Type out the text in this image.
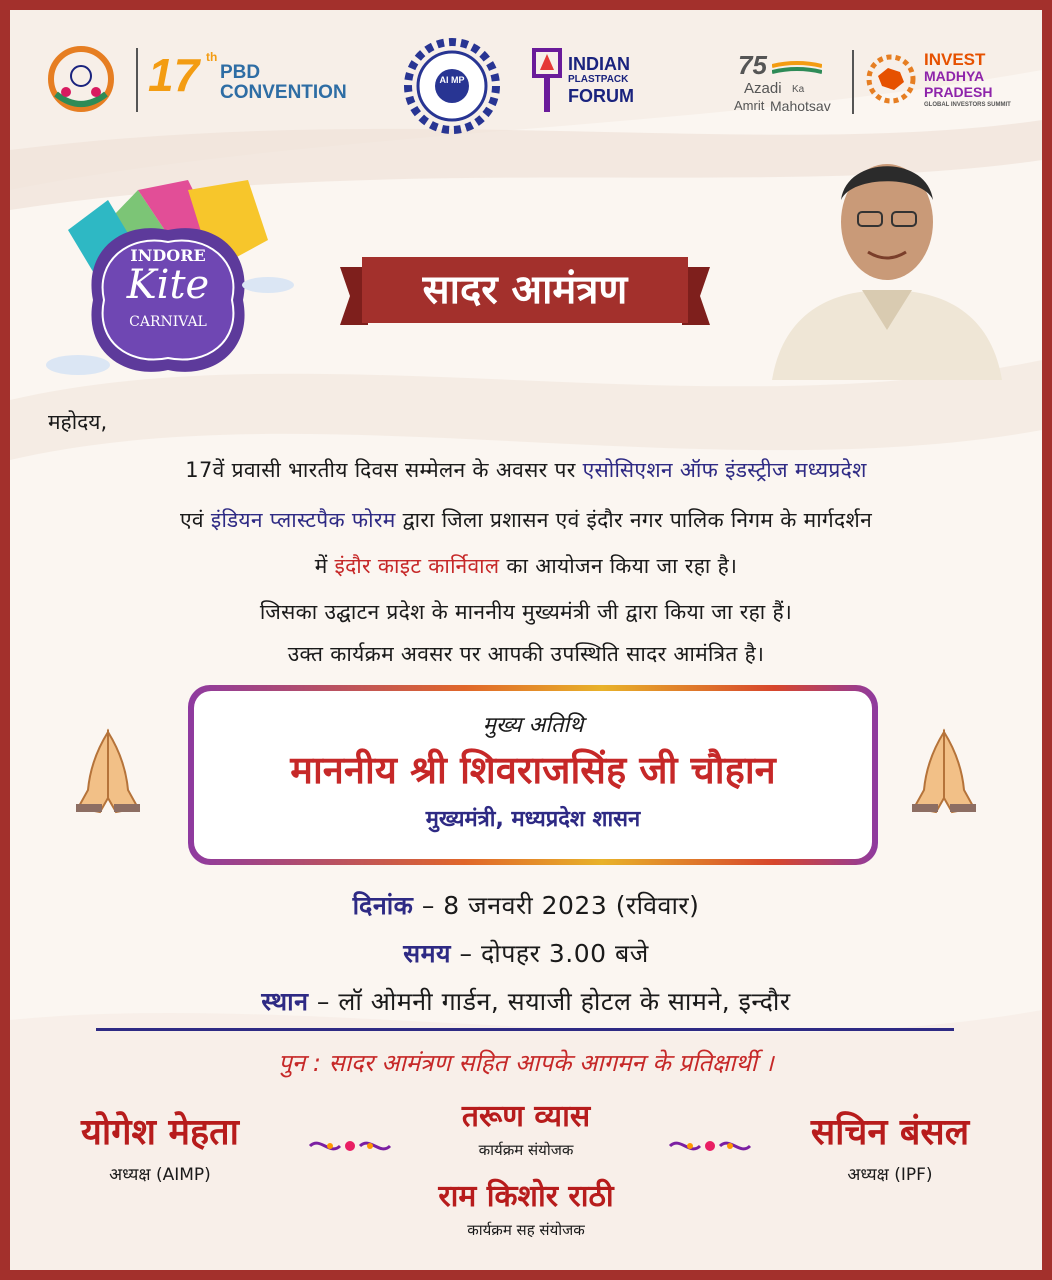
17 th
PBD
CONVENTION
AI MP
INDIAN
PLASTPACK
FORUM
75
Azadi Ka
Amrit Mahotsav
INVEST
MADHYA
PRADESH
GLOBAL INVESTORS SUMMIT
INDORE
Kite
CARNIVAL
सादर आमंत्रण
महोदय,
17वें प्रवासी भारतीय दिवस सम्मेलन के अवसर पर एसोसिएशन ऑफ इंडस्ट्रीज मध्यप्रदेश
एवं इंडियन प्लास्टपैक फोरम द्वारा जिला प्रशासन एवं इंदौर नगर पालिक निगम के मार्गदर्शन
में इंदौर काइट कार्निवाल का आयोजन किया जा रहा है।
जिसका उद्घाटन प्रदेश के माननीय मुख्यमंत्री जी द्वारा किया जा रहा हैं।
उक्त कार्यक्रम अवसर पर आपकी उपस्थिति सादर आमंत्रित है।
मुख्य अतिथि
माननीय श्री शिवराजसिंह जी चौहान
मुख्यमंत्री, मध्यप्रदेश शासन
दिनांक – 8 जनवरी 2023 (रविवार)
समय – दोपहर 3.00 बजे
स्थान – लॉ ओमनी गार्डन, सयाजी होटल के सामने, इन्दौर
पुन : सादर आमंत्रण सहित आपके आगमन के प्रतिक्षार्थी ।
योगेश मेहता
अध्यक्ष (AIMP)
तरूण व्यास
कार्यक्रम संयोजक
राम किशोर राठी
कार्यक्रम सह संयोजक
सचिन बंसल
अध्यक्ष (IPF)
